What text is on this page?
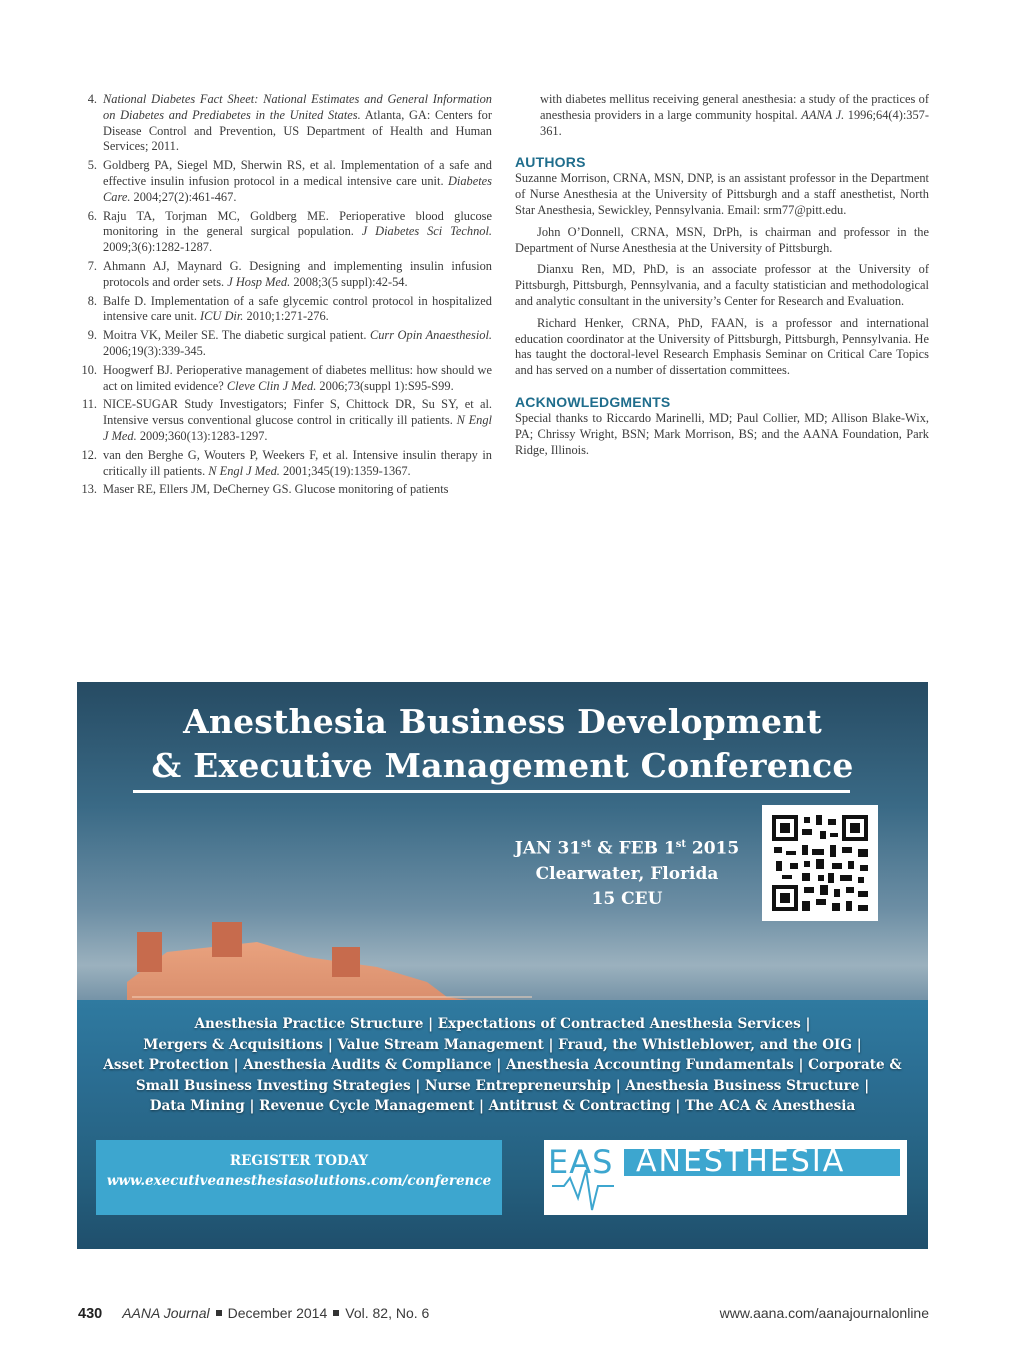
4. National Diabetes Fact Sheet: National Estimates and General Information on Diabetes and Prediabetes in the United States. Atlanta, GA: Centers for Disease Control and Prevention, US Department of Health and Human Services; 2011.
5. Goldberg PA, Siegel MD, Sherwin RS, et al. Implementation of a safe and effective insulin infusion protocol in a medical intensive care unit. Diabetes Care. 2004;27(2):461-467.
6. Raju TA, Torjman MC, Goldberg ME. Perioperative blood glucose monitoring in the general surgical population. J Diabetes Sci Technol. 2009;3(6):1282-1287.
7. Ahmann AJ, Maynard G. Designing and implementing insulin infusion protocols and order sets. J Hosp Med. 2008;3(5 suppl):42-54.
8. Balfe D. Implementation of a safe glycemic control protocol in hospitalized intensive care unit. ICU Dir. 2010;1:271-276.
9. Moitra VK, Meiler SE. The diabetic surgical patient. Curr Opin Anaesthesiol. 2006;19(3):339-345.
10. Hoogwerf BJ. Perioperative management of diabetes mellitus: how should we act on limited evidence? Cleve Clin J Med. 2006;73(suppl 1):S95-S99.
11. NICE-SUGAR Study Investigators; Finfer S, Chittock DR, Su SY, et al. Intensive versus conventional glucose control in critically ill patients. N Engl J Med. 2009;360(13):1283-1297.
12. van den Berghe G, Wouters P, Weekers F, et al. Intensive insulin therapy in critically ill patients. N Engl J Med. 2001;345(19):1359-1367.
13. Maser RE, Ellers JM, DeCherney GS. Glucose monitoring of patients

with diabetes mellitus receiving general anesthesia: a study of the practices of anesthesia providers in a large community hospital. AANA J. 1996;64(4):357-361.

AUTHORS

Suzanne Morrison, CRNA, MSN, DNP, is an assistant professor in the Department of Nurse Anesthesia at the University of Pittsburgh and a staff anesthetist, North Star Anesthesia, Sewickley, Pennsylvania. Email: srm77@pitt.edu.

John O’Donnell, CRNA, MSN, DrPh, is chairman and professor in the Department of Nurse Anesthesia at the University of Pittsburgh.

Dianxu Ren, MD, PhD, is an associate professor at the University of Pittsburgh, Pittsburgh, Pennsylvania, and a faculty statistician and methodological and analytic consultant in the university’s Center for Research and Evaluation.

Richard Henker, CRNA, PhD, FAAN, is a professor and international education coordinator at the University of Pittsburgh, Pittsburgh, Pennsylvania. He has taught the doctoral-level Research Emphasis Seminar on Critical Care Topics and has served on a number of dissertation committees.

ACKNOWLEDGMENTS

Special thanks to Riccardo Marinelli, MD; Paul Collier, MD; Allison Blake-Wix, PA; Chrissy Wright, BSN; Mark Morrison, BS; and the AANA Foundation, Park Ridge, Illinois.

Anesthesia Business Development
& Executive Management Conference
JAN 31st & FEB 1st 2015
Clearwater, Florida
15 CEU
Anesthesia Practice Structure | Expectations of Contracted Anesthesia Services |
Mergers & Acquisitions | Value Stream Management | Fraud, the Whistleblower, and the OIG |
Asset Protection | Anesthesia Audits & Compliance | Anesthesia Accounting Fundamentals | Corporate &
Small Business Investing Strategies | Nurse Entrepreneurship | Anesthesia Business Structure |
Data Mining | Revenue Cycle Management | Antitrust & Contracting | The ACA & Anesthesia
REGISTER TODAY
www.executiveanesthesiasolutions.com/conference	EAS ANESTHESIA
430 AANA Journal December 2014 Vol. 82, No. 6	www.aana.com/aanajournalonline
